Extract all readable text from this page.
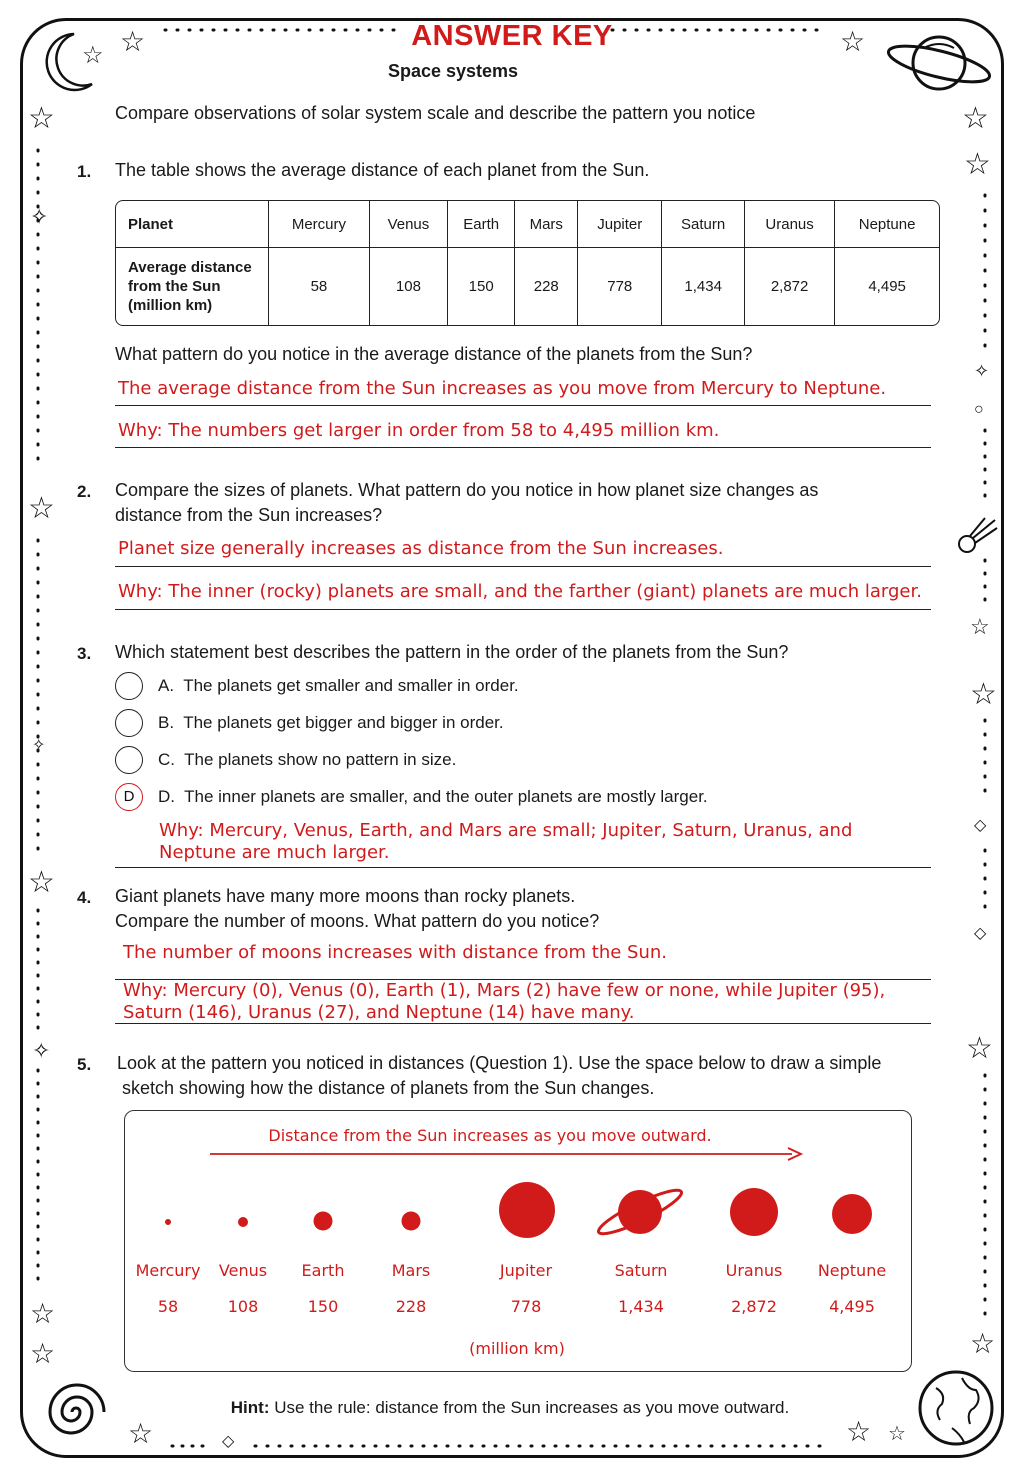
☆ ☆	☆
☆	☆
☆
✧
☆
☆
☆
☆
✧	☆
☆
☆	☆
☆	☆ ☆
✧
◇
◇
○
✧
◇
ANSWER KEY
Space systems
Compare observations of solar system scale and describe the pattern you notice
1. The table shows the average distance of each planet from the Sun.
Planet	Mercury	Venus	Earth	Mars	Jupiter	Saturn	Uranus	Neptune
Average distance
from the Sun
(million km)	58	108	150	228	778	1,434	2,872	4,495
What pattern do you notice in the average distance of the planets from the Sun?
The average distance from the Sun increases as you move from Mercury to Neptune.
Why: The numbers get larger in order from 58 to 4,495 million km.
2. Compare the sizes of planets. What pattern do you notice in how planet size changes as
distance from the Sun increases?
Planet size generally increases as distance from the Sun increases.
Why: The inner (rocky) planets are small, and the farther (giant) planets are much larger.
3. Which statement best describes the pattern in the order of the planets from the Sun?
A. The planets get smaller and smaller in order.
B. The planets get bigger and bigger in order.
C. The planets show no pattern in size.
D	D. The inner planets are smaller, and the outer planets are mostly larger.
Why: Mercury, Venus, Earth, and Mars are small; Jupiter, Saturn, Uranus, and
Neptune are much larger.
4. Giant planets have many more moons than rocky planets.
Compare the number of moons. What pattern do you notice?
The number of moons increases with distance from the Sun.
Why: Mercury (0), Venus (0), Earth (1), Mars (2) have few or none, while Jupiter (95),
Saturn (146), Uranus (27), and Neptune (14) have many.
5. Look at the pattern you noticed in distances (Question 1). Use the space below to draw a simple
sketch showing how the distance of planets from the Sun changes.
Distance from the Sun increases as you move outward.
Mercury	Venus	Earth	Mars	Jupiter	Saturn	Uranus	Neptune
58	108	150	228	778	1,434	2,872	4,495
(million km)
Hint: Use the rule: distance from the Sun increases as you move outward.
